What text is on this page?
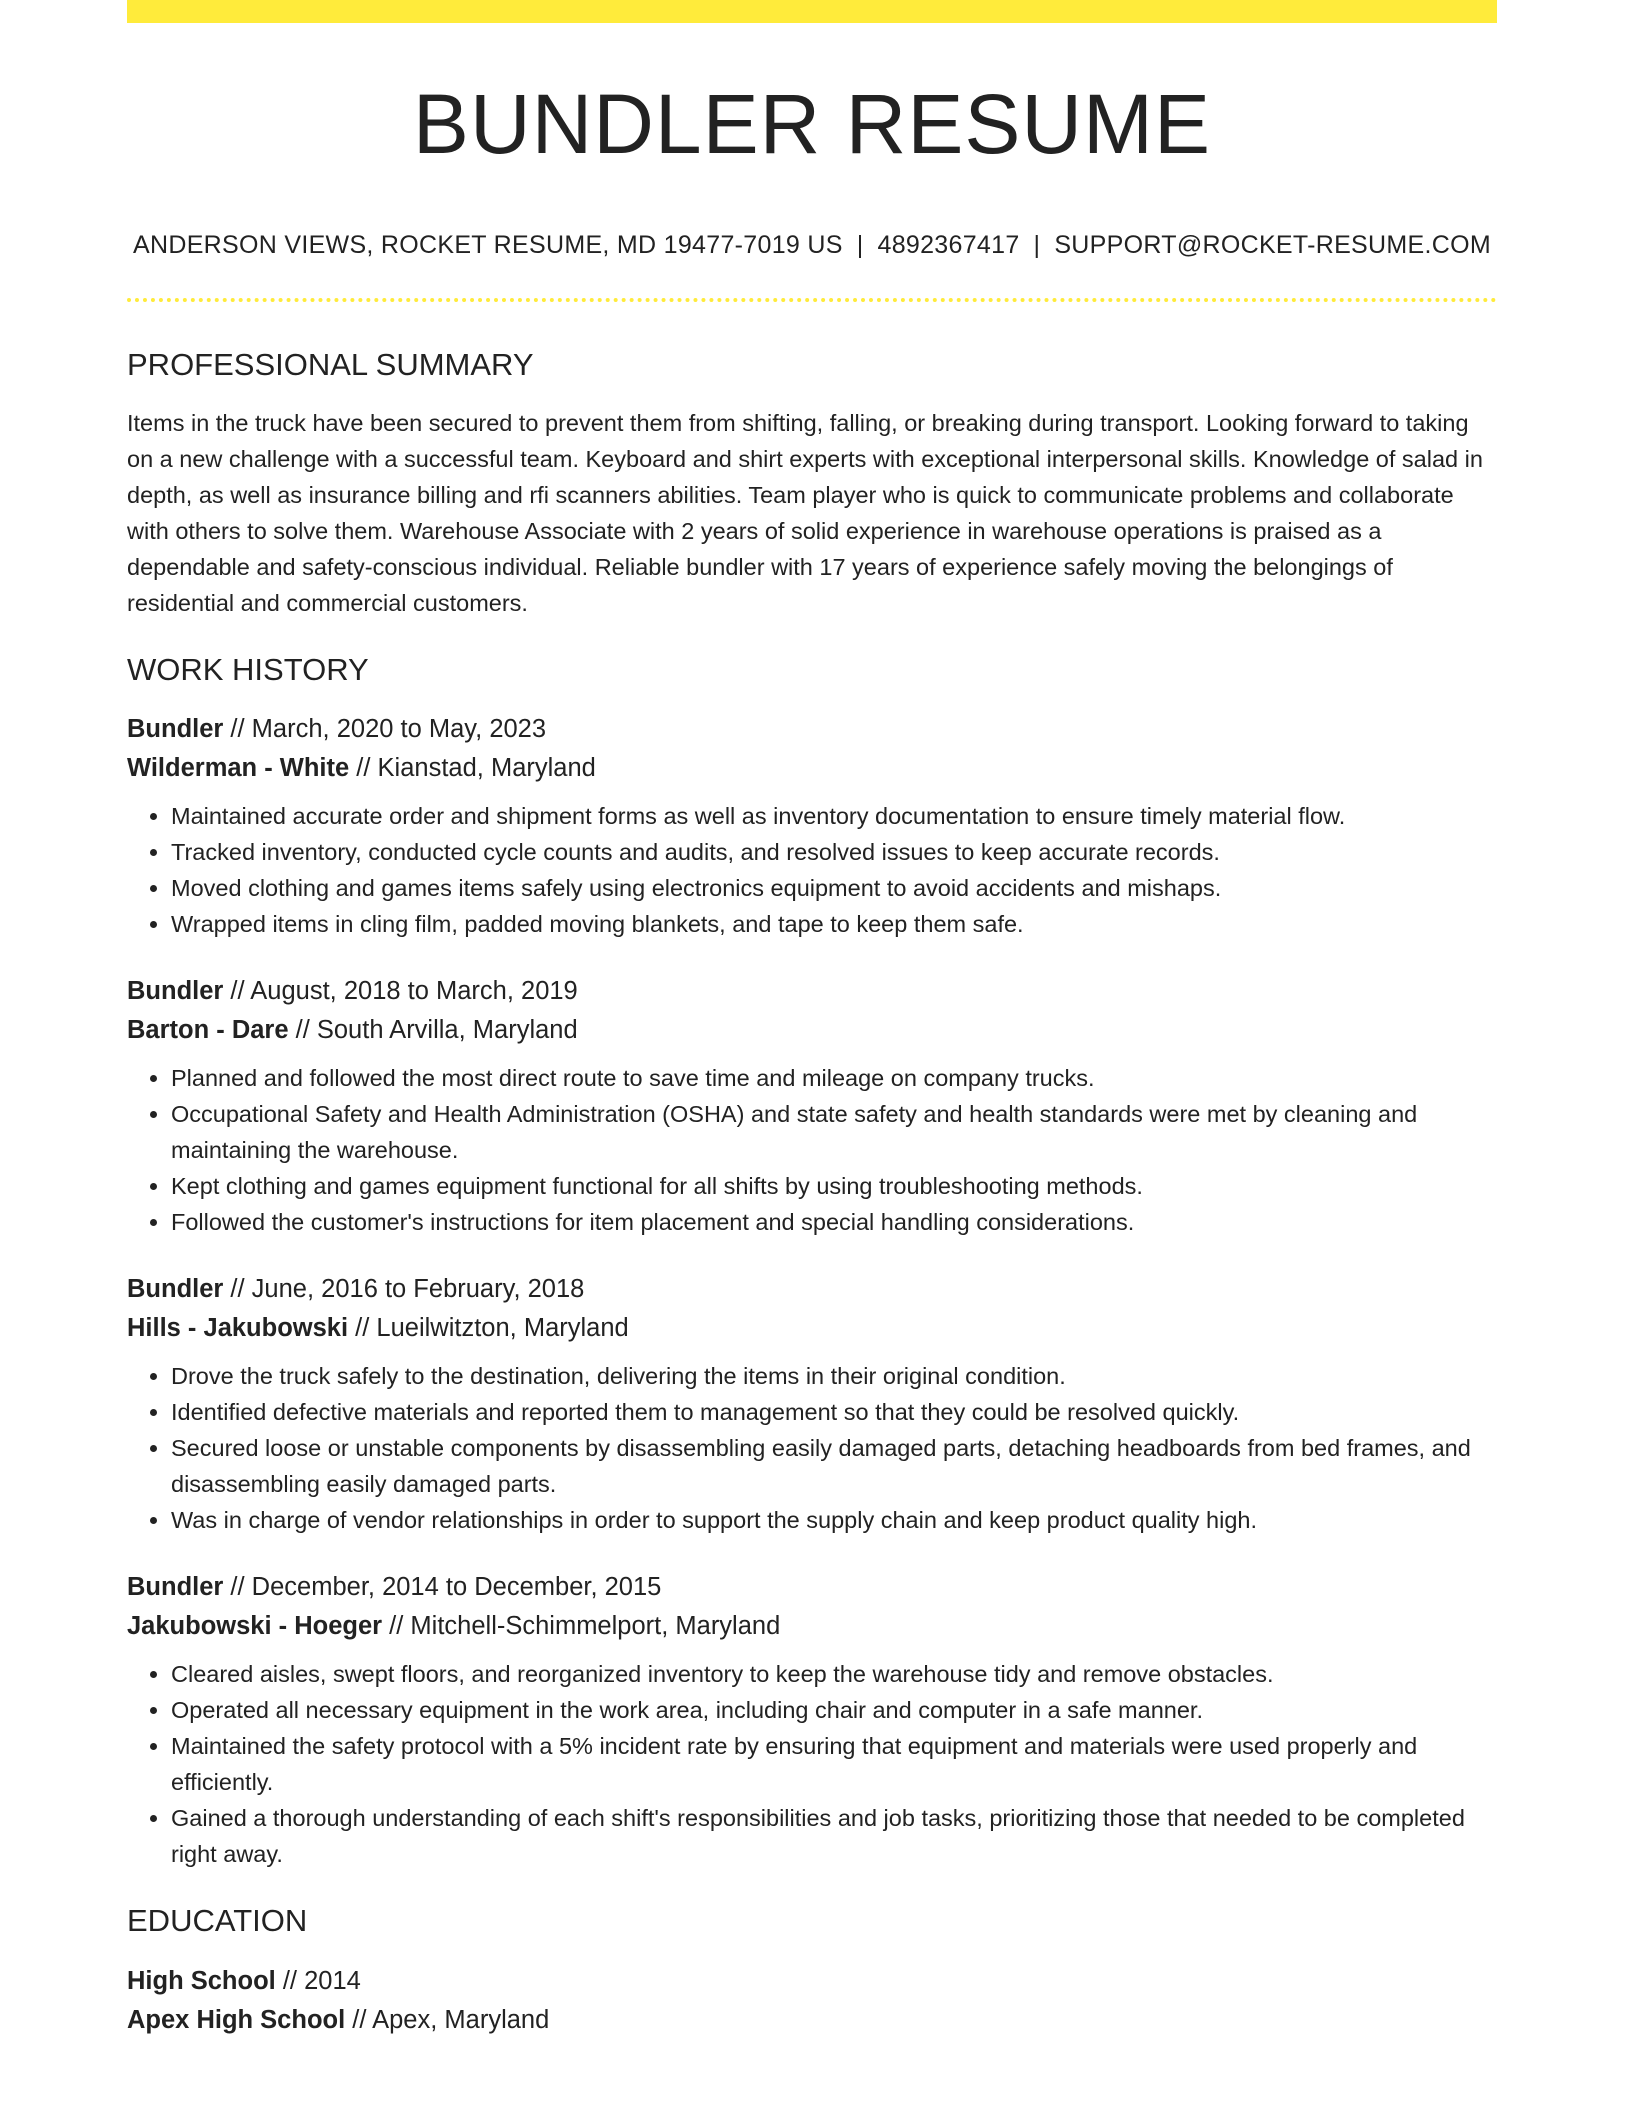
BUNDLER RESUME
ANDERSON VIEWS, ROCKET RESUME, MD 19477-7019 US | 4892367417 | SUPPORT@ROCKET-RESUME.COM
PROFESSIONAL SUMMARY

Items in the truck have been secured to prevent them from shifting, falling, or breaking during transport. Looking forward to taking on a new challenge with a successful team. Keyboard and shirt experts with exceptional interpersonal skills. Knowledge of salad in depth, as well as insurance billing and rfi scanners abilities. Team player who is quick to communicate problems and collaborate with others to solve them. Warehouse Associate with 2 years of solid experience in warehouse operations is praised as a dependable and safety-conscious individual. Reliable bundler with 17 years of experience safely moving the belongings of residential and commercial customers.

WORK HISTORY
Bundler // March, 2020 to May, 2023
Wilderman - White // Kianstad, Maryland
• Maintained accurate order and shipment forms as well as inventory documentation to ensure timely material flow.
• Tracked inventory, conducted cycle counts and audits, and resolved issues to keep accurate records.
• Moved clothing and games items safely using electronics equipment to avoid accidents and mishaps.
• Wrapped items in cling film, padded moving blankets, and tape to keep them safe.
Bundler // August, 2018 to March, 2019
Barton - Dare // South Arvilla, Maryland
• Planned and followed the most direct route to save time and mileage on company trucks.
• Occupational Safety and Health Administration (OSHA) and state safety and health standards were met by cleaning and maintaining the warehouse.
• Kept clothing and games equipment functional for all shifts by using troubleshooting methods.
• Followed the customer's instructions for item placement and special handling considerations.
Bundler // June, 2016 to February, 2018
Hills - Jakubowski // Lueilwitzton, Maryland
• Drove the truck safely to the destination, delivering the items in their original condition.
• Identified defective materials and reported them to management so that they could be resolved quickly.
• Secured loose or unstable components by disassembling easily damaged parts, detaching headboards from bed frames, and disassembling easily damaged parts.
• Was in charge of vendor relationships in order to support the supply chain and keep product quality high.
Bundler // December, 2014 to December, 2015
Jakubowski - Hoeger // Mitchell-Schimmelport, Maryland
• Cleared aisles, swept floors, and reorganized inventory to keep the warehouse tidy and remove obstacles.
• Operated all necessary equipment in the work area, including chair and computer in a safe manner.
• Maintained the safety protocol with a 5% incident rate by ensuring that equipment and materials were used properly and efficiently.
• Gained a thorough understanding of each shift's responsibilities and job tasks, prioritizing those that needed to be completed right away.
EDUCATION
High School // 2014
Apex High School // Apex, Maryland
